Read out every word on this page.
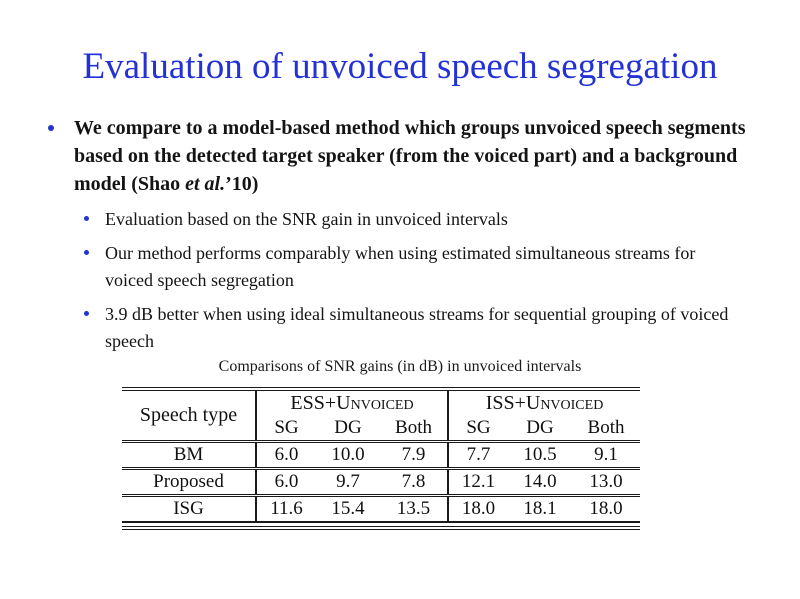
Evaluation of unvoiced speech segregation
We compare to a model-based method which groups unvoiced speech segments based on the detected target speaker (from the voiced part) and a background model (Shao et al.’10)
Evaluation based on the SNR gain in unvoiced intervals
Our method performs comparably when using estimated simultaneous streams for voiced speech segregation
3.9 dB better when using ideal simultaneous streams for sequential grouping of voiced speech
Comparisons of SNR gains (in dB) in unvoiced intervals
Speech type	ESS+Unvoiced			ISS+Unvoiced		
	SG	DG	Both	SG	DG	Both
BM	6.0	10.0	7.9	7.7	10.5	9.1
Proposed	6.0	9.7	7.8	12.1	14.0	13.0
ISG	11.6	15.4	13.5	18.0	18.1	18.0
